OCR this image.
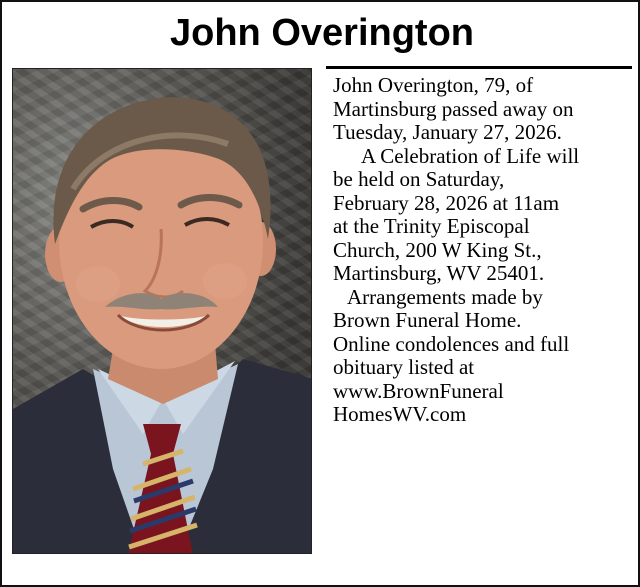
John Overington

John Overington, 79, of
Martinsburg passed away on
Tuesday, January 27, 2026.

A Celebration of Life will
be held on Saturday,
February 28, 2026 at 11am
at the Trinity Episcopal
Church, 200 W King St.,
Martinsburg, WV 25401.

Arrangements made by
Brown Funeral Home.
Online condolences and full
obituary listed at
www.BrownFuneral
HomesWV.com
